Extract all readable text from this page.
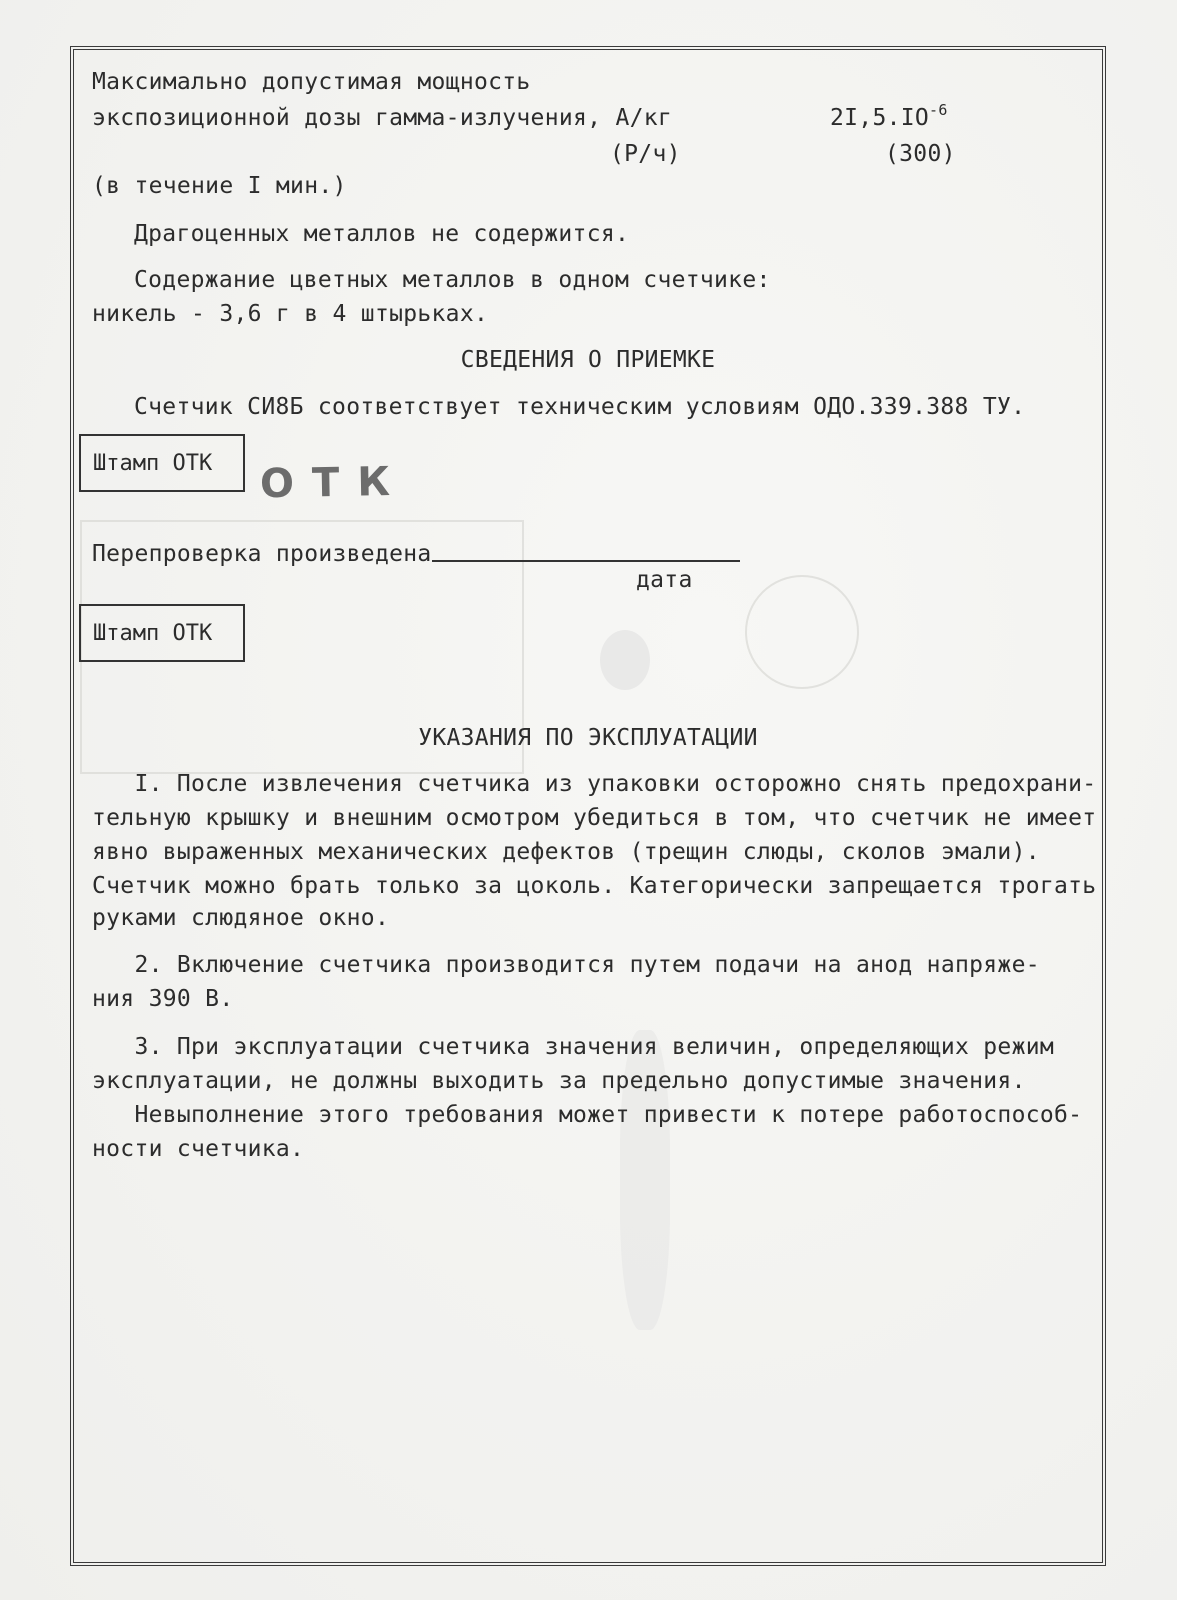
Максимально допустимая мощность
экспозиционной дозы гамма-излучения, А/кг	$2I,5.IO^{-6}$
(Р/ч)	(300)
(в течение I мин.)
Драгоценных металлов не содержится.
Содержание цветных металлов в одном счетчике:
никель - 3,6 г в 4 штырьках.
СВЕДЕНИЯ О ПРИЕМКЕ
Счетчик СИ8Б соответствует техническим условиям ОДО.339.388 ТУ.
Штамп ОТК	ОТК
Перепроверка произведена
дата
Штамп ОТК
УКАЗАНИЯ ПО ЭКСПЛУАТАЦИИ
I. После извлечения счетчика из упаковки осторожно снять предохрани-
тельную крышку и внешним осмотром убедиться в том, что счетчик не имеет
явно выраженных механических дефектов (трещин слюды, сколов эмали).
Счетчик можно брать только за цоколь. Категорически запрещается трогать
руками слюдяное окно.
2. Включение счетчика производится путем подачи на анод напряже-
ния 390 В.
3. При эксплуатации счетчика значения величин, определяющих режим
эксплуатации, не должны выходить за предельно допустимые значения.
Невыполнение этого требования может привести к потере работоспособ-
ности счетчика.
